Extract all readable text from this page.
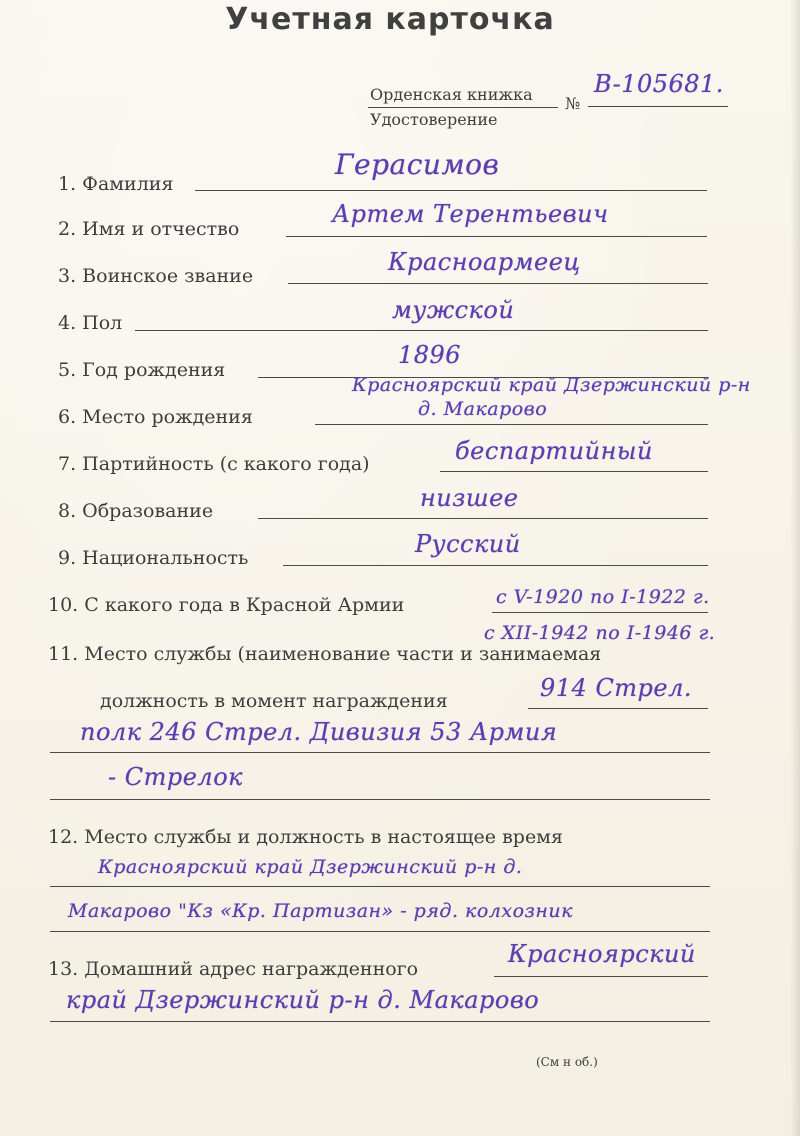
Учетная карточка
Орденская книжка
Удостоверение
№
B-105681.
1. Фамилия
Герасимов
2. Имя и отчество
Артем Терентьевич
3. Воинское звание	Красноармеец
4. Пол	мужской
5. Год рождения
1896
6. Место рождения
Красноярский край Дзержинский р-н
д. Макарово
7. Партийность (с какого года)	беспартийный
8. Образование	низшее
9. Национальность	Русский
10. С какого года в Красной Армии	с V-1920 по I-1922 г.
с XII-1942 по I-1946 г.
11. Место службы (наименование части и занимаемая
должность в момент награждения	914 Стрел.
полк 246 Стрел. Дивизия 53 Армия
- Стрелок
12. Место службы и должность в настоящее время
Красноярский край Дзержинский р-н д.
Макарово "Кз «Кр. Партизан» - ряд. колхозник
13. Домашний адрес награжденного
Красноярский
край Дзержинский р-н д. Макарово
(См н об.)
